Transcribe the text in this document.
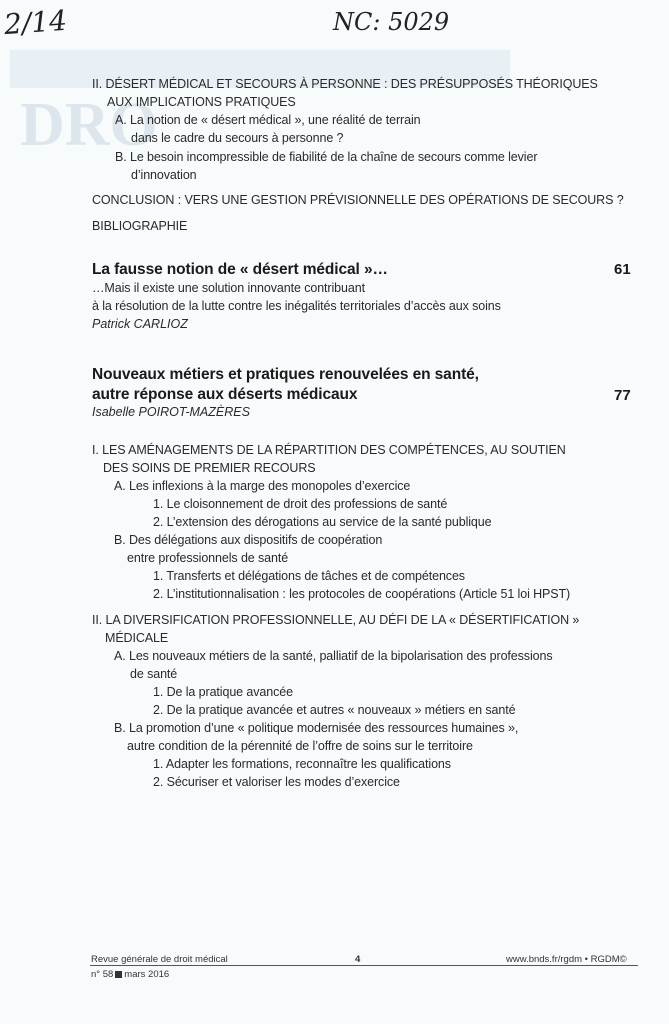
DRO
2/14	NC: 5029
II. DÉSERT MÉDICAL ET SECOURS À PERSONNE : DES PRÉSUPPOSÉS THÉORIQUES
AUX IMPLICATIONS PRATIQUES
A. La notion de « désert médical », une réalité de terrain
dans le cadre du secours à personne ?
B. Le besoin incompressible de fiabilité de la chaîne de secours comme levier
d’innovation
CONCLUSION : VERS UNE GESTION PRÉVISIONNELLE DES OPÉRATIONS DE SECOURS ?
BIBLIOGRAPHIE
La fausse notion de « désert médical »…	61
…Mais il existe une solution innovante contribuant
à la résolution de la lutte contre les inégalités territoriales d’accès aux soins
Patrick CARLIOZ
Nouveaux métiers et pratiques renouvelées en santé,
autre réponse aux déserts médicaux	77
Isabelle POIROT-MAZÈRES
I. LES AMÉNAGEMENTS DE LA RÉPARTITION DES COMPÉTENCES, AU SOUTIEN
DES SOINS DE PREMIER RECOURS
A. Les inflexions à la marge des monopoles d’exercice
1. Le cloisonnement de droit des professions de santé
2. L’extension des dérogations au service de la santé publique
B. Des délégations aux dispositifs de coopération
entre professionnels de santé
1. Transferts et délégations de tâches et de compétences
2. L’institutionnalisation : les protocoles de coopérations (Article 51 loi HPST)
II. LA DIVERSIFICATION PROFESSIONNELLE, AU DÉFI DE LA « DÉSERTIFICATION »
MÉDICALE
A. Les nouveaux métiers de la santé, palliatif de la bipolarisation des professions
de santé
1. De la pratique avancée
2. De la pratique avancée et autres « nouveaux » métiers en santé
B. La promotion d’une « politique modernisée des ressources humaines »,
autre condition de la pérennité de l’offre de soins sur le territoire
1. Adapter les formations, reconnaître les qualifications
2. Sécuriser et valoriser les modes d’exercice
Revue générale de droit médical
n° 58 mars 2016
4	www.bnds.fr/rgdm • RGDM©
